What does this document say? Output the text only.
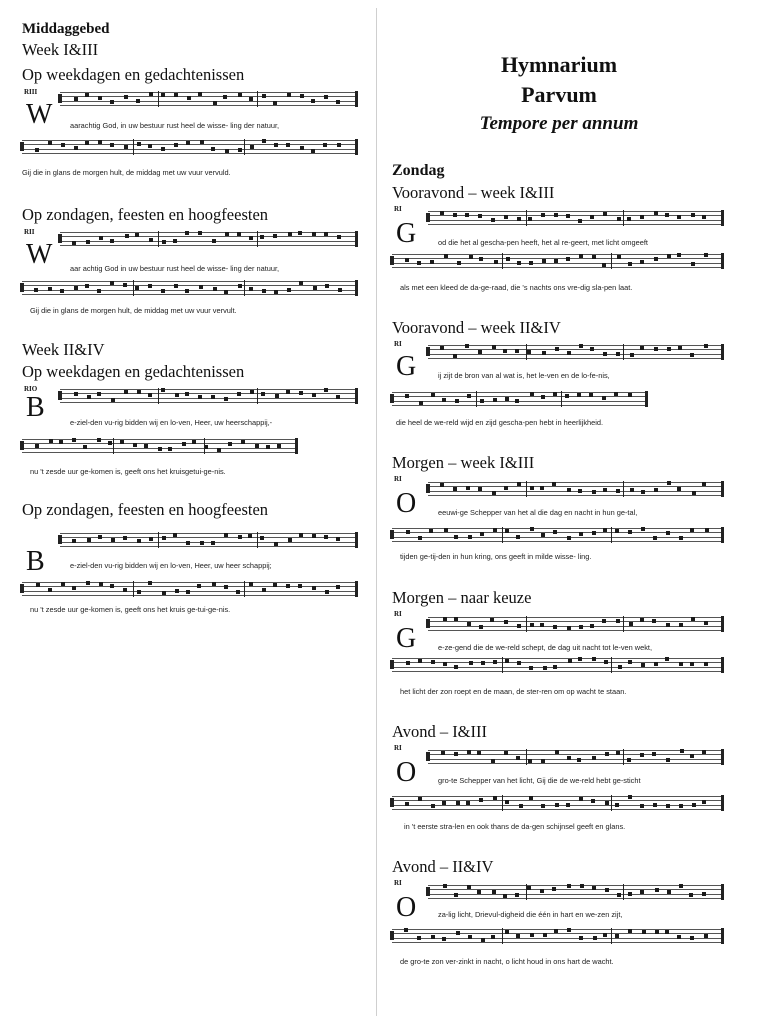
Hymnarium
Parvum
Tempore per annum
Middaggebed
Week I&III
Op weekdagen en gedachtenissen
Op zondagen, feesten en hoogfeesten
Week II&IV
Op weekdagen en gedachtenissen
Op zondagen, feesten en hoogfeesten
RIII
W aarachtig God, in uw bestuur rust heel de wisse- ling der natuur,
Gij die in glans de morgen hult, de middag met uw vuur vervuld.
RII
W aar achtig God in uw bestuur rust heel de wisse- ling der natuur,
Gij die in glans de morgen hult, de middag met uw vuur vervult.
RIO
B	e-ziel-den vu-rig bidden wij en lo-ven, Heer, uw heerschappij,-
nu 't zesde uur ge-komen is, geeft ons het kruisgetui-ge-nis.
B	e-ziel-den vu-rig bidden wij en lo-ven, Heer, uw heer schappij;
nu 't zesde uur ge-komen is, geeft ons het kruis ge-tui-ge-nis.
Zondag
Vooravond – week I&III
Vooravond – week II&IV
Morgen – week I&III
Morgen – naar keuze
Avond – I&III
Avond – II&IV
RI
G	od die het al gescha-pen heeft, het al re-geert, met licht omgeeft
als met een kleed de da-ge-raad, die 's nachts ons vre-dig sla-pen laat.
RI
G	ij zijt de bron van al wat is, het le-ven en de lo-fe-nis,
die heel de we-reld wijd en zijd gescha-pen hebt in heerlijkheid.
RI
O	eeuwi-ge Schepper van het al die dag en nacht in hun ge-tal,
tijden ge-tij-den in hun kring, ons geeft in milde wisse- ling.
RI
G	e-ze-gend die de we-reld schept, de dag uit nacht tot le-ven wekt,
het licht der zon roept en de maan, de ster-ren om op wacht te staan.
RI
O	gro-te Schepper van het licht, Gij die de we-reld hebt ge-sticht
in 't eerste stra-len en ook thans de da-gen schijnsel geeft en glans.
RI
O	za-lig licht, Drievul-digheid die één in hart en we-zen zijt,
de gro-te zon ver-zinkt in nacht, o licht houd in ons hart de wacht.
